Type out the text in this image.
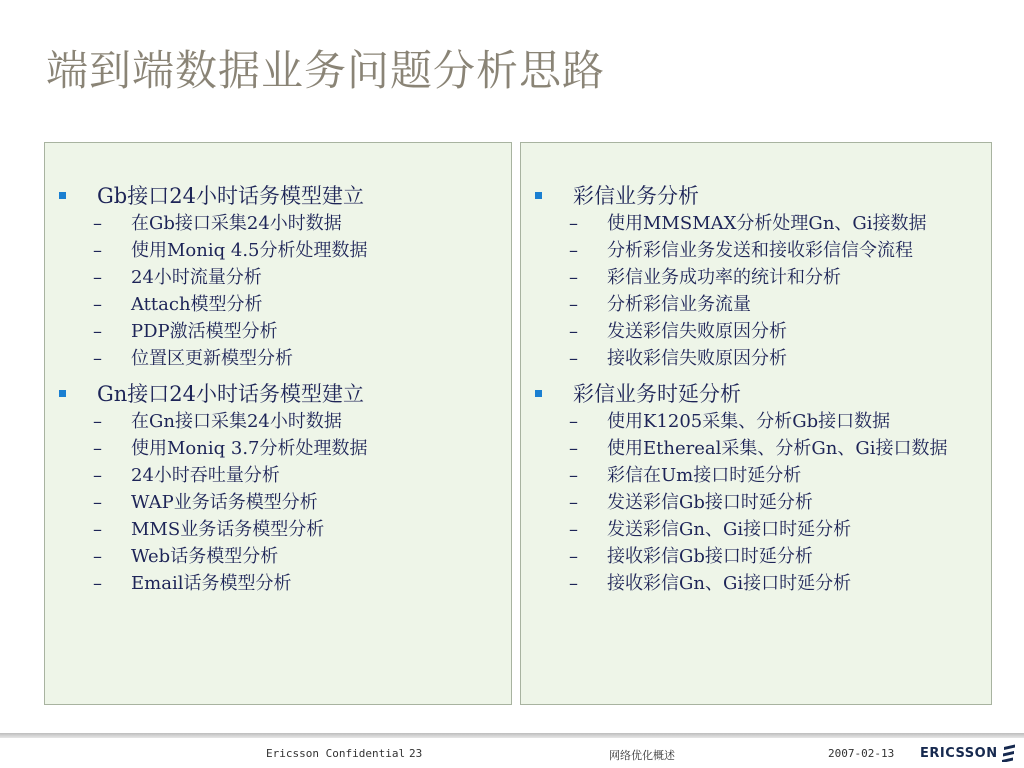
端到端数据业务问题分析思路
Gb接口24小时话务模型建立
– 在Gb接口采集24小时数据
– 使用Moniq 4.5分析处理数据
– 24小时流量分析
– Attach模型分析
– PDP激活模型分析
– 位置区更新模型分析
Gn接口24小时话务模型建立
– 在Gn接口采集24小时数据
– 使用Moniq 3.7分析处理数据
– 24小时吞吐量分析
– WAP业务话务模型分析
– MMS业务话务模型分析
– Web话务模型分析
– Email话务模型分析
彩信业务分析
– 使用MMSMAX分析处理Gn、Gi接数据
– 分析彩信业务发送和接收彩信信令流程
– 彩信业务成功率的统计和分析
– 分析彩信业务流量
– 发送彩信失败原因分析
– 接收彩信失败原因分析
彩信业务时延分析
– 使用K1205采集、分析Gb接口数据
– 使用Ethereal采集、分析Gn、Gi接口数据
– 彩信在Um接口时延分析
– 发送彩信Gb接口时延分析
– 发送彩信Gn、Gi接口时延分析
– 接收彩信Gb接口时延分析
– 接收彩信Gn、Gi接口时延分析
Ericsson Confidential 23	网络优化概述	2007-02-13 ERICSSON
